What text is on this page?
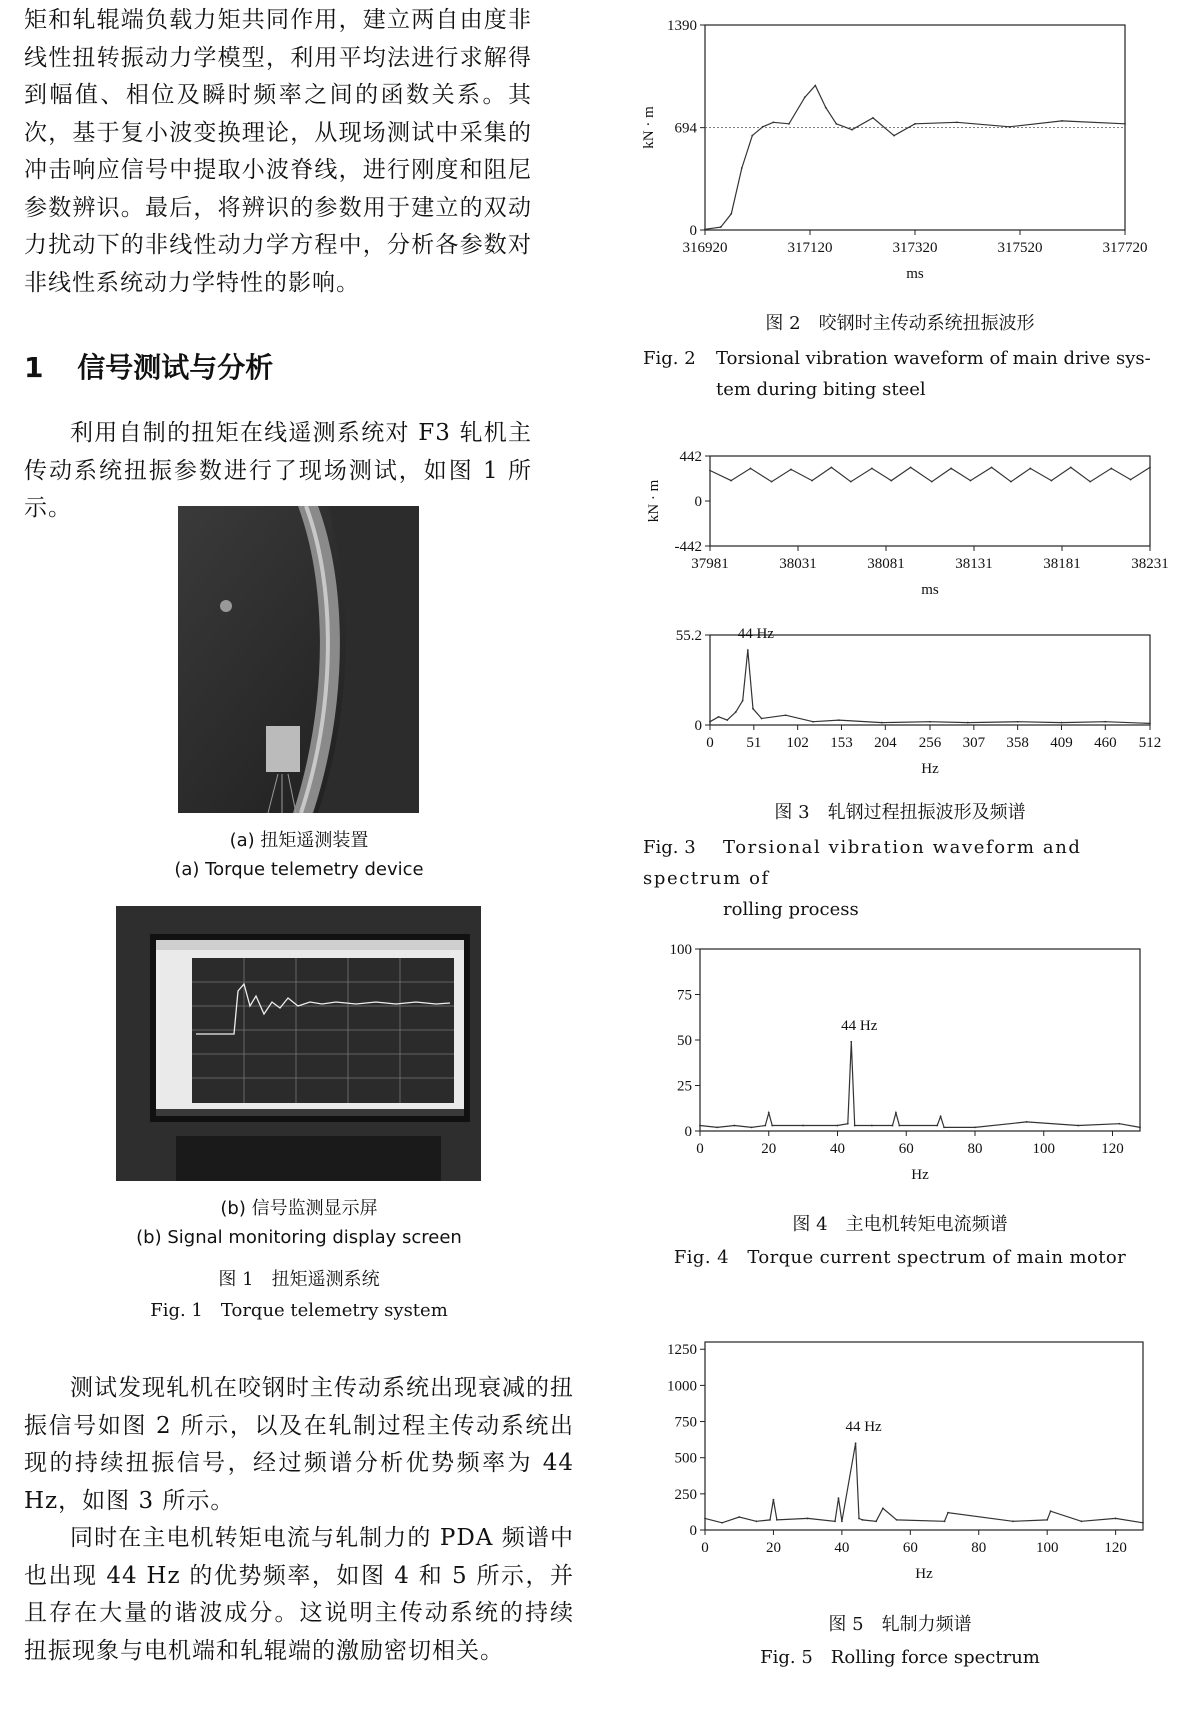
矩和轧辊端负载力矩共同作用，建立两自由度非线性扭转振动力学模型，利用平均法进行求解得到幅值、相位及瞬时频率之间的函数关系。其次，基于复小波变换理论，从现场测试中采集的冲击响应信号中提取小波脊线，进行刚度和阻尼参数辨识。最后，将辨识的参数用于建立的双动力扰动下的非线性动力学方程中，分析各参数对非线性系统动力学特性的影响。

1 信号测试与分析

利用自制的扭矩在线遥测系统对 F3 轧机主传动系统扭振参数进行了现场测试，如图 1 所示。

(a) 扭矩遥测装置
(a) Torque telemetry device
(b) 信号监测显示屏
(b) Signal monitoring display screen
图 1　扭矩遥测系统
Fig. 1　Torque telemetry system

测试发现轧机在咬钢时主传动系统出现衰减的扭振信号如图 2 所示，以及在轧制过程主传动系统出现的持续扭振信号，经过频谱分析优势频率为 44 Hz，如图 3 所示。

同时在主电机转矩电流与轧制力的 PDA 频谱中也出现 44 Hz 的优势频率，如图 4 和 5 所示，并且存在大量的谐波成分。这说明主传动系统的持续扭振现象与电机端和轧辊端的激励密切相关。

0
694
1390
316920	317120	317320	317520	317720
ms
kN · m
图 2　咬钢时主传动系统扭振波形
Fig. 2 Torsional vibration waveform of main drive sys-
tem during biting steel
-442
0
442
37981	38031	38081	38131	38181	38231
ms
kN · m
0
55.2
0 51 102 153 204 256 307 358 409 460 512
Hz
44 Hz
图 3　轧钢过程扭振波形及频谱
Fig. 3 Torsional vibration waveform and spectrum of
rolling process
0
25
50
75
100
0	20	40	60	80	100	120
Hz
44 Hz
图 4　主电机转矩电流频谱
Fig. 4　Torque current spectrum of main motor
0
250
500
750
1000
1250
0	20	40	60	80	100	120
Hz
44 Hz
图 5　轧制力频谱
Fig. 5　Rolling force spectrum
